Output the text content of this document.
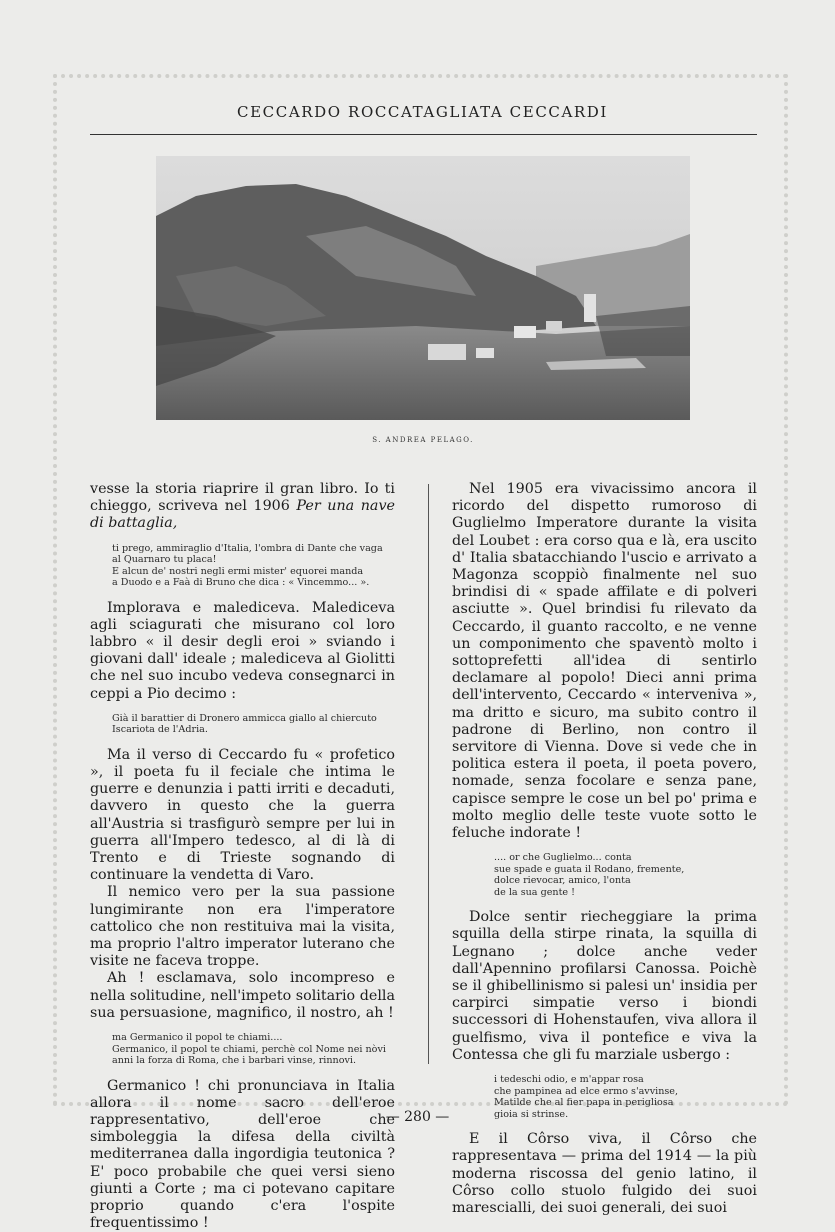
CECCARDO ROCCATAGLIATA CECCARDI
S. ANDREA PELAGO.

vesse la storia riaprire il gran libro. Io ti chieggo, scriveva nel 1906 Per una nave di battaglia,

ti prego, ammiraglio d'Italia, l'ombra di Dante che vaga
al Quarnaro tu placa!
E alcun de' nostri negli ermi mister' equorei manda
a Duodo e a Faà di Bruno che dica : « Vincemmo... ».

Implorava e malediceva. Malediceva agli sciagurati che misurano col loro labbro « il desir degli eroi » sviando i giovani dall' ideale ; malediceva al Giolitti che nel suo incubo vedeva consegnarci in ceppi a Pio decimo :

Già il barattier di Dronero ammicca giallo al chiercuto
Iscariota de l'Adria.

Ma il verso di Ceccardo fu « profetico », il poeta fu il feciale che intima le guerre e denunzia i patti irriti e decaduti, davvero in questo che la guerra all'Austria si trasfigurò sempre per lui in guerra all'Impero tedesco, al di là di Trento e di Trieste sognando di continuare la vendetta di Varo.

Il nemico vero per la sua passione lungimirante non era l'imperatore cattolico che non restituiva mai la visita, ma proprio l'altro imperator luterano che visite ne faceva troppe.

Ah ! esclamava, solo incompreso e nella solitudine, nell'impeto solitario della sua persuasione, magnifico, il nostro, ah !

ma Germanico il popol te chiami....
Germanico, il popol te chiami, perchè col Nome nei nòvi
anni la forza di Roma, che i barbari vinse, rinnovi.

Germanico ! chi pronunciava in Italia allora il nome sacro dell'eroe rappresentativo, dell'eroe che simboleggia la difesa della civiltà mediterranea dalla ingordigia teutonica ? E' poco probabile che quei versi sieno giunti a Corte ; ma ci potevano capitare proprio quando c'era l'ospite frequentissimo !

Nel 1905 era vivacissimo ancora il ricordo del dispetto rumoroso di Guglielmo Imperatore durante la visita del Loubet : era corso qua e là, era uscito d' Italia sbatacchiando l'uscio e arrivato a Magonza scoppiò finalmente nel suo brindisi di « spade affilate e di polveri asciutte ». Quel brindisi fu rilevato da Ceccardo, il guanto raccolto, e ne venne un componimento che spaventò molto i sottoprefetti all'idea di sentirlo declamare al popolo! Dieci anni prima dell'intervento, Ceccardo « interveniva », ma dritto e sicuro, ma subito contro il padrone di Berlino, non contro il servitore di Vienna. Dove si vede che in politica estera il poeta, il poeta povero, nomade, senza focolare e senza pane, capisce sempre le cose un bel po' prima e molto meglio delle teste vuote sotto le feluche indorate !

.... or che Guglielmo... conta
sue spade e guata il Rodano, fremente,
dolce rievocar, amico, l'onta
de la sua gente !

Dolce sentir riecheggiare la prima squilla della stirpe rinata, la squilla di Legnano ; dolce anche veder dall'Apennino profilarsi Canossa. Poichè se il ghibellinismo si palesi un' insidia per carpirci simpatie verso i biondi successori di Hohenstaufen, viva allora il guelfismo, viva il pontefice e viva la Contessa che gli fu marziale usbergo :

i tedeschi odio, e m'appar rosa
che pampinea ad elce ermo s'avvinse,
Matilde che al fier papa in perigliosa
gioia si strinse.

E il Côrso viva, il Côrso che rappresentava — prima del 1914 — la più moderna riscossa del genio latino, il Côrso collo stuolo fulgido dei suoi marescialli, dei suoi generali, dei suoi

— 280 —
